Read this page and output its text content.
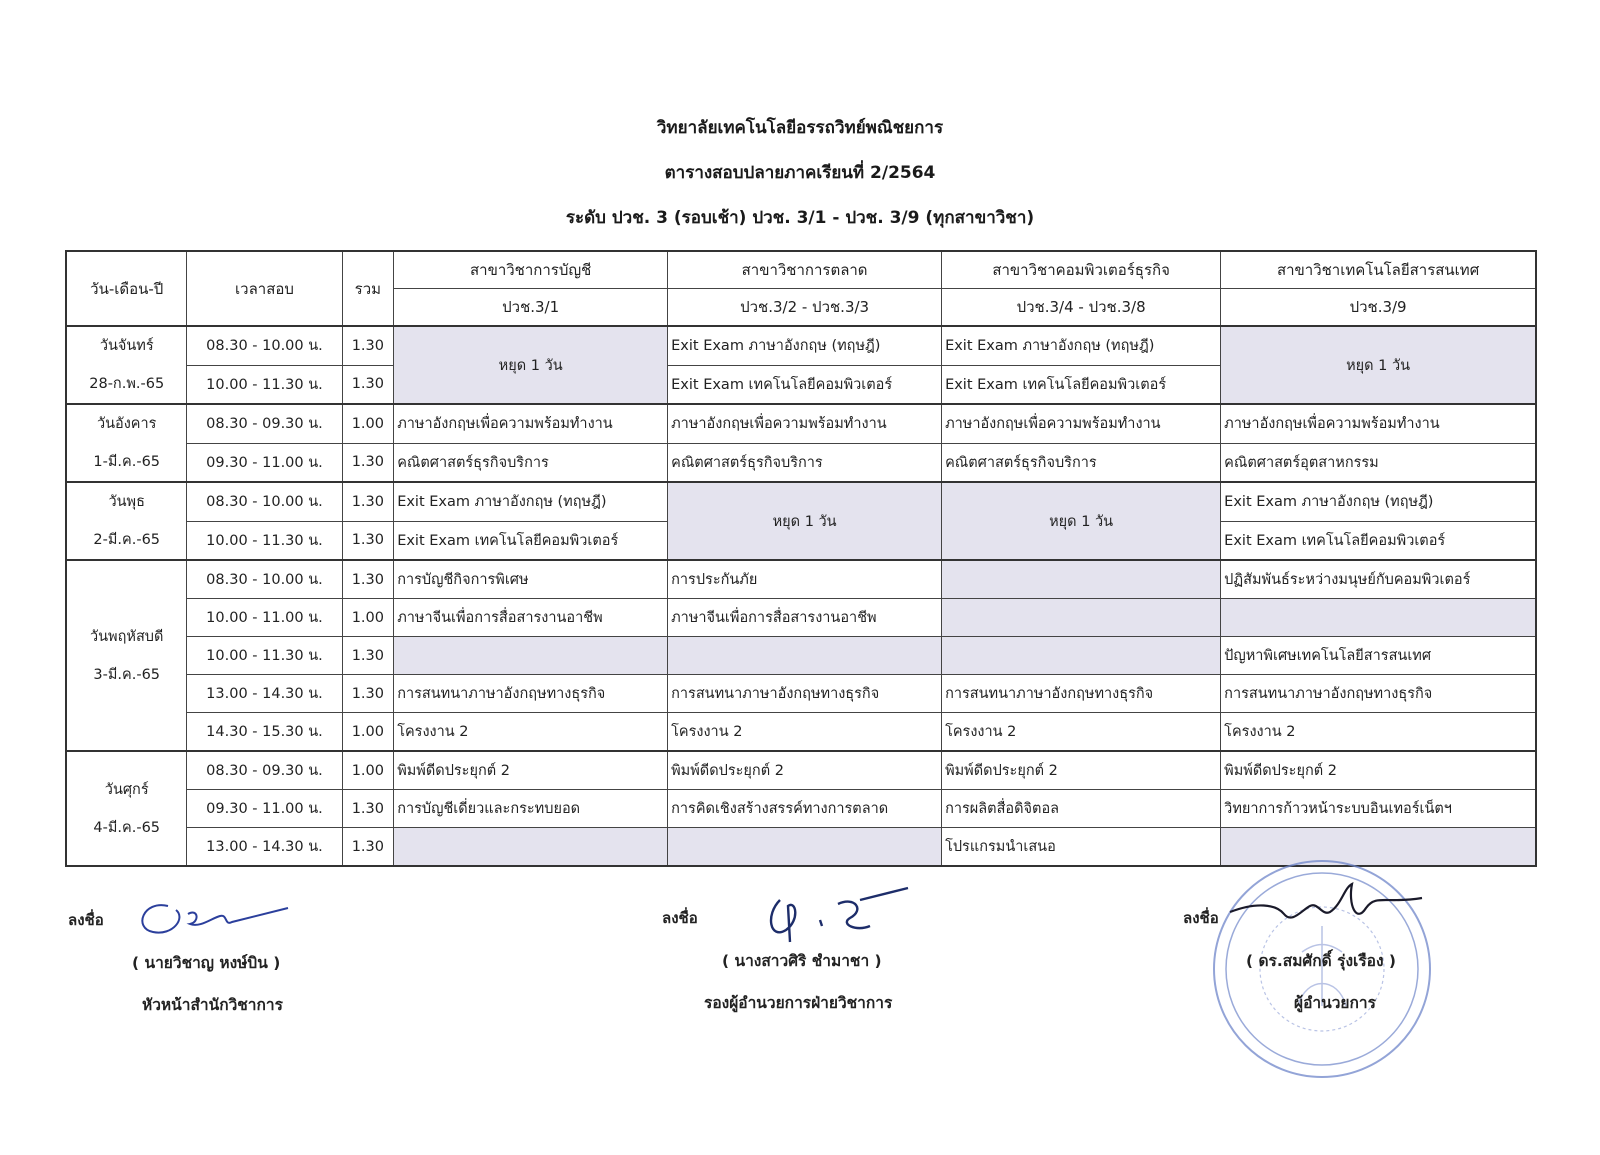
วิทยาลัยเทคโนโลยีอรรถวิทย์พณิชยการ
ตารางสอบปลายภาคเรียนที่ 2/2564
ระดับ ปวช. 3 (รอบเช้า) ปวช. 3/1 - ปวช. 3/9 (ทุกสาขาวิชา)
วัน-เดือน-ปี	เวลาสอบ	รวม	สาขาวิชาการบัญชี	สาขาวิชาการตลาด	สาขาวิชาคอมพิวเตอร์ธุรกิจ	สาขาวิชาเทคโนโลยีสารสนเทศ
			ปวช.3/1	ปวช.3/2 - ปวช.3/3	ปวช.3/4 - ปวช.3/8	ปวช.3/9
วันจันทร์
28-ก.พ.-65	08.30 - 10.00 น.	1.30	หยุด 1 วัน	Exit Exam ภาษาอังกฤษ (ทฤษฎี)	Exit Exam ภาษาอังกฤษ (ทฤษฎี)	หยุด 1 วัน
	10.00 - 11.30 น.	1.30		Exit Exam เทคโนโลยีคอมพิวเตอร์	Exit Exam เทคโนโลยีคอมพิวเตอร์	
วันอังคาร
1-มี.ค.-65	08.30 - 09.30 น.	1.00	ภาษาอังกฤษเพื่อความพร้อมทำงาน	ภาษาอังกฤษเพื่อความพร้อมทำงาน	ภาษาอังกฤษเพื่อความพร้อมทำงาน	ภาษาอังกฤษเพื่อความพร้อมทำงาน
	09.30 - 11.00 น.	1.30	คณิตศาสตร์ธุรกิจบริการ	คณิตศาสตร์ธุรกิจบริการ	คณิตศาสตร์ธุรกิจบริการ	คณิตศาสตร์อุตสาหกรรม
วันพุธ
2-มี.ค.-65	08.30 - 10.00 น.	1.30	Exit Exam ภาษาอังกฤษ (ทฤษฎี)	หยุด 1 วัน	หยุด 1 วัน	Exit Exam ภาษาอังกฤษ (ทฤษฎี)
	10.00 - 11.30 น.	1.30	Exit Exam เทคโนโลยีคอมพิวเตอร์			Exit Exam เทคโนโลยีคอมพิวเตอร์
วันพฤหัสบดี
3-มี.ค.-65	08.30 - 10.00 น.	1.30	การบัญชีกิจการพิเศษ	การประกันภัย		ปฏิสัมพันธ์ระหว่างมนุษย์กับคอมพิวเตอร์
	10.00 - 11.00 น.	1.00	ภาษาจีนเพื่อการสื่อสารงานอาชีพ	ภาษาจีนเพื่อการสื่อสารงานอาชีพ		
	10.00 - 11.30 น.	1.30				ปัญหาพิเศษเทคโนโลยีสารสนเทศ
	13.00 - 14.30 น.	1.30	การสนทนาภาษาอังกฤษทางธุรกิจ	การสนทนาภาษาอังกฤษทางธุรกิจ	การสนทนาภาษาอังกฤษทางธุรกิจ	การสนทนาภาษาอังกฤษทางธุรกิจ
	14.30 - 15.30 น.	1.00	โครงงาน 2	โครงงาน 2	โครงงาน 2	โครงงาน 2
วันศุกร์
4-มี.ค.-65	08.30 - 09.30 น.	1.00	พิมพ์ดีดประยุกต์ 2	พิมพ์ดีดประยุกต์ 2	พิมพ์ดีดประยุกต์ 2	พิมพ์ดีดประยุกต์ 2
	09.30 - 11.00 น.	1.30	การบัญชีเดี่ยวและกระทบยอด	การคิดเชิงสร้างสรรค์ทางการตลาด	การผลิตสื่อดิจิตอล	วิทยาการก้าวหน้าระบบอินเทอร์เน็ตฯ
	13.00 - 14.30 น.	1.30			โปรแกรมนำเสนอ	
ลงชื่อ
( นายวิชาญ หงษ์บิน )
หัวหน้าสำนักวิชาการ
ลงชื่อ
( นางสาวศิริ ชำมาชา )
รองผู้อำนวยการฝ่ายวิชาการ
ลงชื่อ
( ดร.สมศักดิ์ รุ่งเรือง )
ผู้อำนวยการ
